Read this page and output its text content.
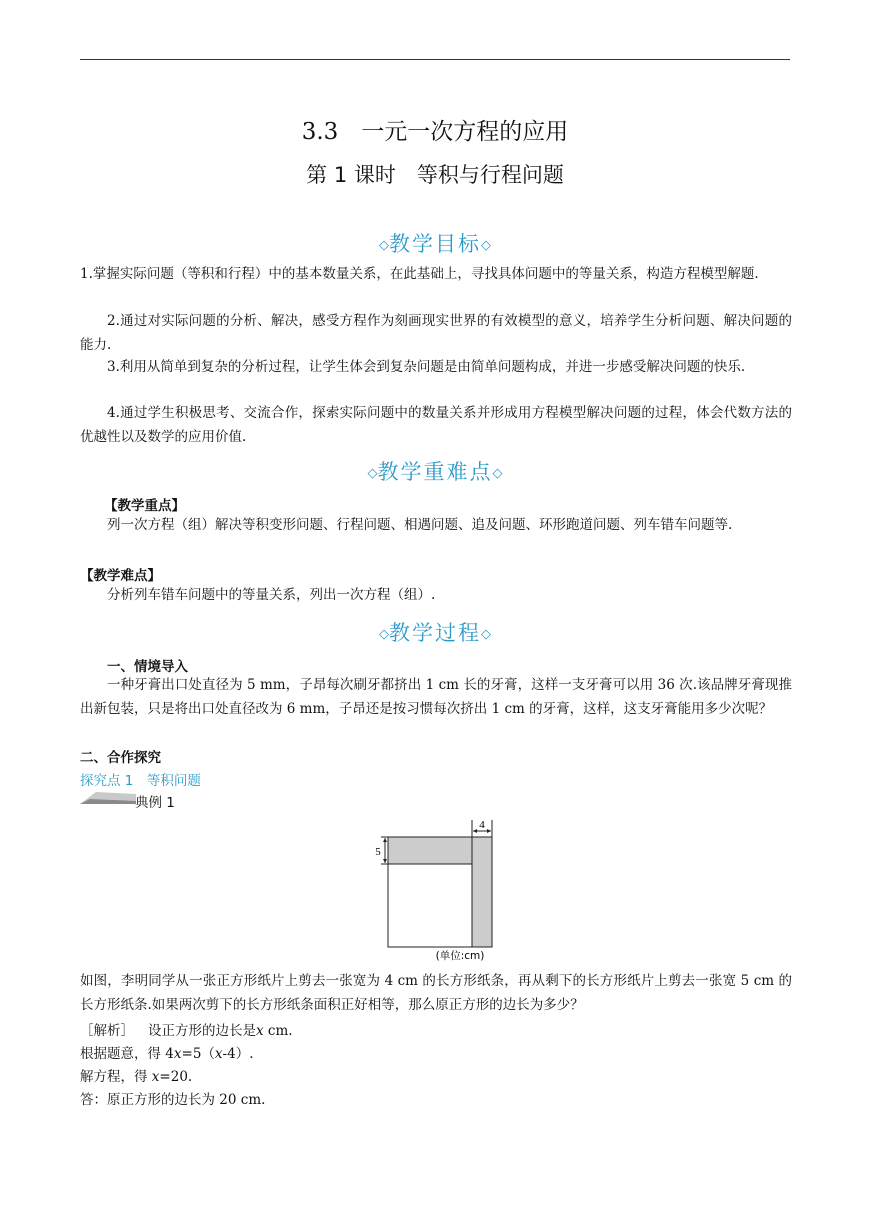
3.3　一元一次方程的应用
第 1 课时　等积与行程问题
◇教学目标◇

1.掌握实际问题（等积和行程）中的基本数量关系，在此基础上，寻找具体问题中的等量关系，构造方程模型解题.

2.通过对实际问题的分析、解决，感受方程作为刻画现实世界的有效模型的意义，培养学生分析问题、解决问题的能力.

3.利用从简单到复杂的分析过程，让学生体会到复杂问题是由简单问题构成，并进一步感受解决问题的快乐.

4.通过学生积极思考、交流合作，探索实际问题中的数量关系并形成用方程模型解决问题的过程，体会代数方法的优越性以及数学的应用价值.

◇教学重难点◇
【教学重点】

列一次方程（组）解决等积变形问题、行程问题、相遇问题、追及问题、环形跑道问题、列车错车问题等.

【教学难点】

分析列车错车问题中的等量关系，列出一次方程（组）.

◇教学过程◇
一、情境导入

一种牙膏出口处直径为 5 mm，子昂每次刷牙都挤出 1 cm 长的牙膏，这样一支牙膏可以用 36 次.该品牌牙膏现推出新包装，只是将出口处直径改为 6 mm，子昂还是按习惯每次挤出 1 cm 的牙膏，这样，这支牙膏能用多少次呢？

二、合作探究
探究点 1　等积问题
典例 1
4
5
(单位:cm)

如图，李明同学从一张正方形纸片上剪去一张宽为 4 cm 的长方形纸条，再从剩下的长方形纸片上剪去一张宽 5 cm 的长方形纸条.如果两次剪下的长方形纸条面积正好相等，那么原正方形的边长为多少？

［解析］ 设正方形的边长是x cm.
根据题意，得 4x=5（x-4）.
解方程，得 x=20.
答：原正方形的边长为 20 cm.
